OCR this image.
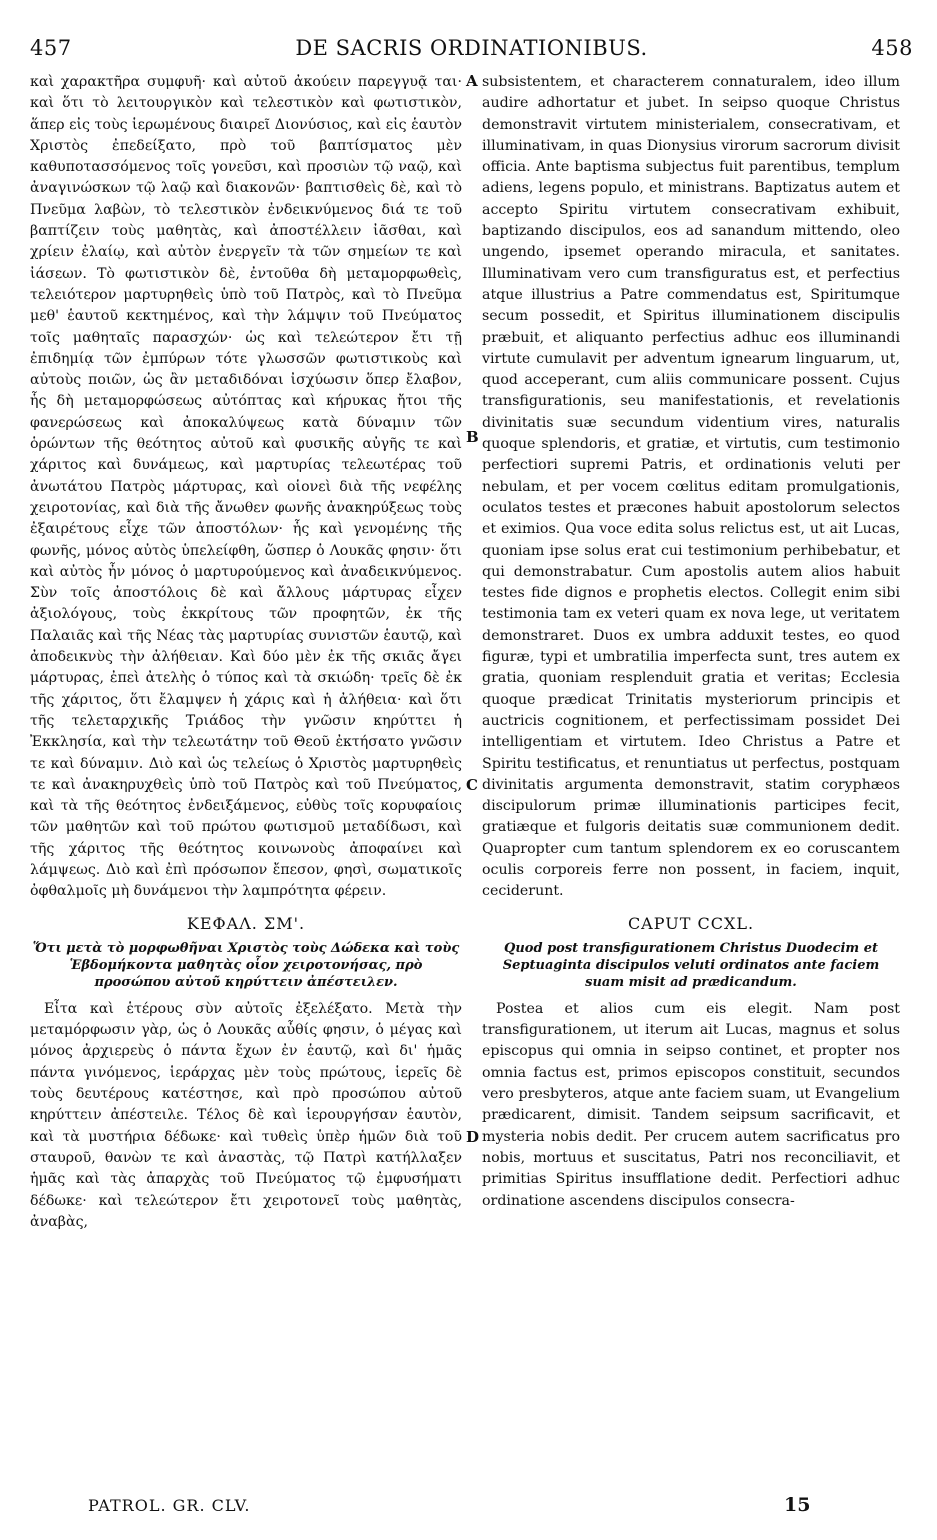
457	DE SACRIS ORDINATIONIBUS.	458

καὶ χαρακτῆρα συμφυῆ· καὶ αὐτοῦ ἀκούειν παρεγγυᾷ ται· καὶ ὅτι τὸ λειτουργικὸν καὶ τελεστικὸν καὶ φωτιστικὸν, ἅπερ εἰς τοὺς ἱερωμένους διαιρεῖ Διονύσιος, καὶ εἰς ἑαυτὸν Χριστὸς ἐπεδείξατο, πρὸ τοῦ βαπτίσματος μὲν καθυποτασσόμενος τοῖς γονεῦσι, καὶ προσιὼν τῷ ναῷ, καὶ ἀναγινώσκων τῷ λαῷ καὶ διακονῶν· βαπτισθεὶς δὲ, καὶ τὸ Πνεῦμα λαβὼν, τὸ τελεστικὸν ἐνδεικνύμενος διά τε τοῦ βαπτίζειν τοὺς μαθητὰς, καὶ ἀποστέλλειν ἰᾶσθαι, καὶ χρίειν ἐλαίῳ, καὶ αὐτὸν ἐνεργεῖν τὰ τῶν σημείων τε καὶ ἰάσεων. Τὸ φωτιστικὸν δὲ, ἐντοῦθα δὴ μεταμορφωθεὶς, τελειότερον μαρτυρηθεὶς ὑπὸ τοῦ Πατρὸς, καὶ τὸ Πνεῦμα μεθ' ἑαυτοῦ κεκτημένος, καὶ τὴν λάμψιν τοῦ Πνεύματος τοῖς μαθηταῖς παρασχών· ὡς καὶ τελεώτερον ἔτι τῇ ἐπιδημίᾳ τῶν ἐμπύρων τότε γλωσσῶν φωτιστικοὺς καὶ αὐτοὺς ποιῶν, ὡς ἂν μεταδιδόναι ἰσχύωσιν ὅπερ ἔλαβον, ἧς δὴ μεταμορφώσεως αὐτόπτας καὶ κήρυκας ἤτοι τῆς φανερώσεως καὶ ἀποκαλύψεως κατὰ δύναμιν τῶν ὁρώντων τῆς θεότητος αὐτοῦ καὶ φυσικῆς αὐγῆς τε καὶ χάριτος καὶ δυνάμεως, καὶ μαρτυρίας τελεωτέρας τοῦ ἀνωτάτου Πατρὸς μάρτυρας, καὶ οἱονεὶ διὰ τῆς νεφέλης χειροτονίας, καὶ διὰ τῆς ἄνωθεν φωνῆς ἀνακηρύξεως τοὺς ἐξαιρέτους εἶχε τῶν ἀποστόλων· ἧς καὶ γενομένης τῆς φωνῆς, μόνος αὐτὸς ὑπελείφθη, ὥσπερ ὁ Λουκᾶς φησιν· ὅτι καὶ αὐτὸς ἦν μόνος ὁ μαρτυρούμενος καὶ ἀναδεικνύμενος. Σὺν τοῖς ἀποστόλοις δὲ καὶ ἄλλους μάρτυρας εἶχεν ἀξιολόγους, τοὺς ἐκκρίτους τῶν προφητῶν, ἐκ τῆς Παλαιᾶς καὶ τῆς Νέας τὰς μαρτυρίας συνιστῶν ἑαυτῷ, καὶ ἀποδεικνὺς τὴν ἀλήθειαν. Καὶ δύο μὲν ἐκ τῆς σκιᾶς ἄγει μάρτυρας, ἐπεὶ ἀτελὴς ὁ τύπος καὶ τὰ σκιώδη· τρεῖς δὲ ἐκ τῆς χάριτος, ὅτι ἔλαμψεν ἡ χάρις καὶ ἡ ἀλήθεια· καὶ ὅτι τῆς τελεταρχικῆς Τριάδος τὴν γνῶσιν κηρύττει ἡ Ἐκκλησία, καὶ τὴν τελεωτάτην τοῦ Θεοῦ ἐκτήσατο γνῶσιν τε καὶ δύναμιν. Διὸ καὶ ὡς τελείως ὁ Χριστὸς μαρτυρηθεὶς τε καὶ ἀνακηρυχθεὶς ὑπὸ τοῦ Πατρὸς καὶ τοῦ Πνεύματος, καὶ τὰ τῆς θεότητος ἐνδειξάμενος, εὐθὺς τοῖς κορυφαίοις τῶν μαθητῶν καὶ τοῦ πρώτου φωτισμοῦ μεταδίδωσι, καὶ τῆς χάριτος τῆς θεότητος κοινωνοὺς ἀποφαίνει καὶ λάμψεως. Διὸ καὶ ἐπὶ πρόσωπον ἔπεσον, φησὶ, σωματικοῖς ὀφθαλμοῖς μὴ δυνάμενοι τὴν λαμπρότητα φέρειν.

ΚΕΦΑΛ. ΣΜ'.
Ὅτι μετὰ τὸ μορφωθῆναι Χριστὸς τοὺς Δώδεκα καὶ τοὺς Ἑβδομήκοντα μαθητὰς οἷον χειροτονήσας, πρὸ προσώπου αὐτοῦ κηρύττειν ἀπέστειλεν.

Εἶτα καὶ ἑτέρους σὺν αὐτοῖς ἐξελέξατο. Μετὰ τὴν μεταμόρφωσιν γὰρ, ὡς ὁ Λουκᾶς αὖθίς φησιν, ὁ μέγας καὶ μόνος ἀρχιερεὺς ὁ πάντα ἔχων ἐν ἑαυτῷ, καὶ δι' ἡμᾶς πάντα γινόμενος, ἱεράρχας μὲν τοὺς πρώτους, ἱερεῖς δὲ τοὺς δευτέρους κατέστησε, καὶ πρὸ προσώπου αὐτοῦ κηρύττειν ἀπέστειλε. Τέλος δὲ καὶ ἱερουργήσαν ἑαυτὸν, καὶ τὰ μυστήρια δέδωκε· καὶ τυθεὶς ὑπὲρ ἡμῶν διὰ τοῦ σταυροῦ, θανὼν τε καὶ ἀναστὰς, τῷ Πατρὶ κατήλλαξεν ἡμᾶς καὶ τὰς ἀπαρχὰς τοῦ Πνεύματος τῷ ἐμφυσήματι δέδωκε· καὶ τελεώτερον ἔτι χειροτονεῖ τοὺς μαθητὰς, ἀναβὰς,

A
B
C
D

subsistentem, et characterem connaturalem, ideo illum audire adhortatur et jubet. In seipso quoque Christus demonstravit virtutem ministerialem, consecrativam, et illuminativam, in quas Dionysius virorum sacrorum divisit officia. Ante baptisma subjectus fuit parentibus, templum adiens, legens populo, et ministrans. Baptizatus autem et accepto Spiritu virtutem consecrativam exhibuit, baptizando discipulos, eos ad sanandum mittendo, oleo ungendo, ipsemet operando miracula, et sanitates. Illuminativam vero cum transfiguratus est, et perfectius atque illustrius a Patre commendatus est, Spiritumque secum possedit, et Spiritus illuminationem discipulis præbuit, et aliquanto perfectius adhuc eos illuminandi virtute cumulavit per adventum ignearum linguarum, ut, quod acceperant, cum aliis communicare possent. Cujus transfigurationis, seu manifestationis, et revelationis divinitatis suæ secundum videntium vires, naturalis quoque splendoris, et gratiæ, et virtutis, cum testimonio perfectiori supremi Patris, et ordinationis veluti per nebulam, et per vocem cœlitus editam promulgationis, oculatos testes et præcones habuit apostolorum selectos et eximios. Qua voce edita solus relictus est, ut ait Lucas, quoniam ipse solus erat cui testimonium perhibebatur, et qui demonstrabatur. Cum apostolis autem alios habuit testes fide dignos e prophetis electos. Collegit enim sibi testimonia tam ex veteri quam ex nova lege, ut veritatem demonstraret. Duos ex umbra adduxit testes, eo quod figuræ, typi et umbratilia imperfecta sunt, tres autem ex gratia, quoniam resplenduit gratia et veritas; Ecclesia quoque prædicat Trinitatis mysteriorum principis et auctricis cognitionem, et perfectissimam possidet Dei intelligentiam et virtutem. Ideo Christus a Patre et Spiritu testificatus, et renuntiatus ut perfectus, postquam divinitatis argumenta demonstravit, statim coryphæos discipulorum primæ illuminationis participes fecit, gratiæque et fulgoris deitatis suæ communionem dedit. Quapropter cum tantum splendorem ex eo coruscantem oculis corporeis ferre non possent, in faciem, inquit, ceciderunt.

CAPUT CCXL.
Quod post transfigurationem Christus Duodecim et Septuaginta discipulos veluti ordinatos ante faciem suam misit ad prædicandum.

Postea et alios cum eis elegit. Nam post transfigurationem, ut iterum ait Lucas, magnus et solus episcopus qui omnia in seipso continet, et propter nos omnia factus est, primos episcopos constituit, secundos vero presbyteros, atque ante faciem suam, ut Evangelium prædicarent, dimisit. Tandem seipsum sacrificavit, et mysteria nobis dedit. Per crucem autem sacrificatus pro nobis, mortuus et suscitatus, Patri nos reconciliavit, et primitias Spiritus insufflatione dedit. Perfectiori adhuc ordinatione ascendens discipulos consecra-

PATROL. GR. CLV.	15
